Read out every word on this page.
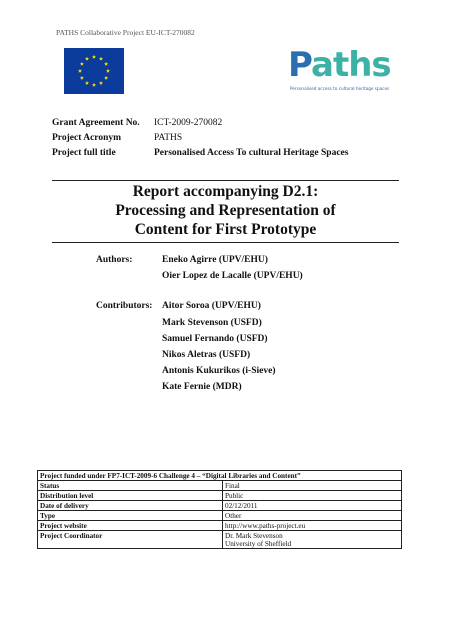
PATHS Collaborative Project EU-ICT-270082
Paths
Personalised access to cultural heritage spaces
Grant Agreement No.	ICT-2009-270082
Project Acronym	PATHS
Project full title	Personalised Access To cultural Heritage Spaces
Report accompanying D2.1:
Processing and Representation of
Content for First Prototype
Authors:	Eneko Agirre (UPV/EHU)
Oier Lopez de Lacalle (UPV/EHU)
Contributors:	Aitor Soroa (UPV/EHU)
Mark Stevenson (USFD)
Samuel Fernando (USFD)
Nikos Aletras (USFD)
Antonis Kukurikos (i-Sieve)
Kate Fernie (MDR)
Project funded under FP7-ICT-2009-6 Challenge 4 – “Digital Libraries and Content”	
Status	Final
Distribution level	Public
Date of delivery	02/12/2011
Type	Other
Project website	http://www.paths-project.eu
Project Coordinator	Dr. Mark Stevenson
University of Sheffield
